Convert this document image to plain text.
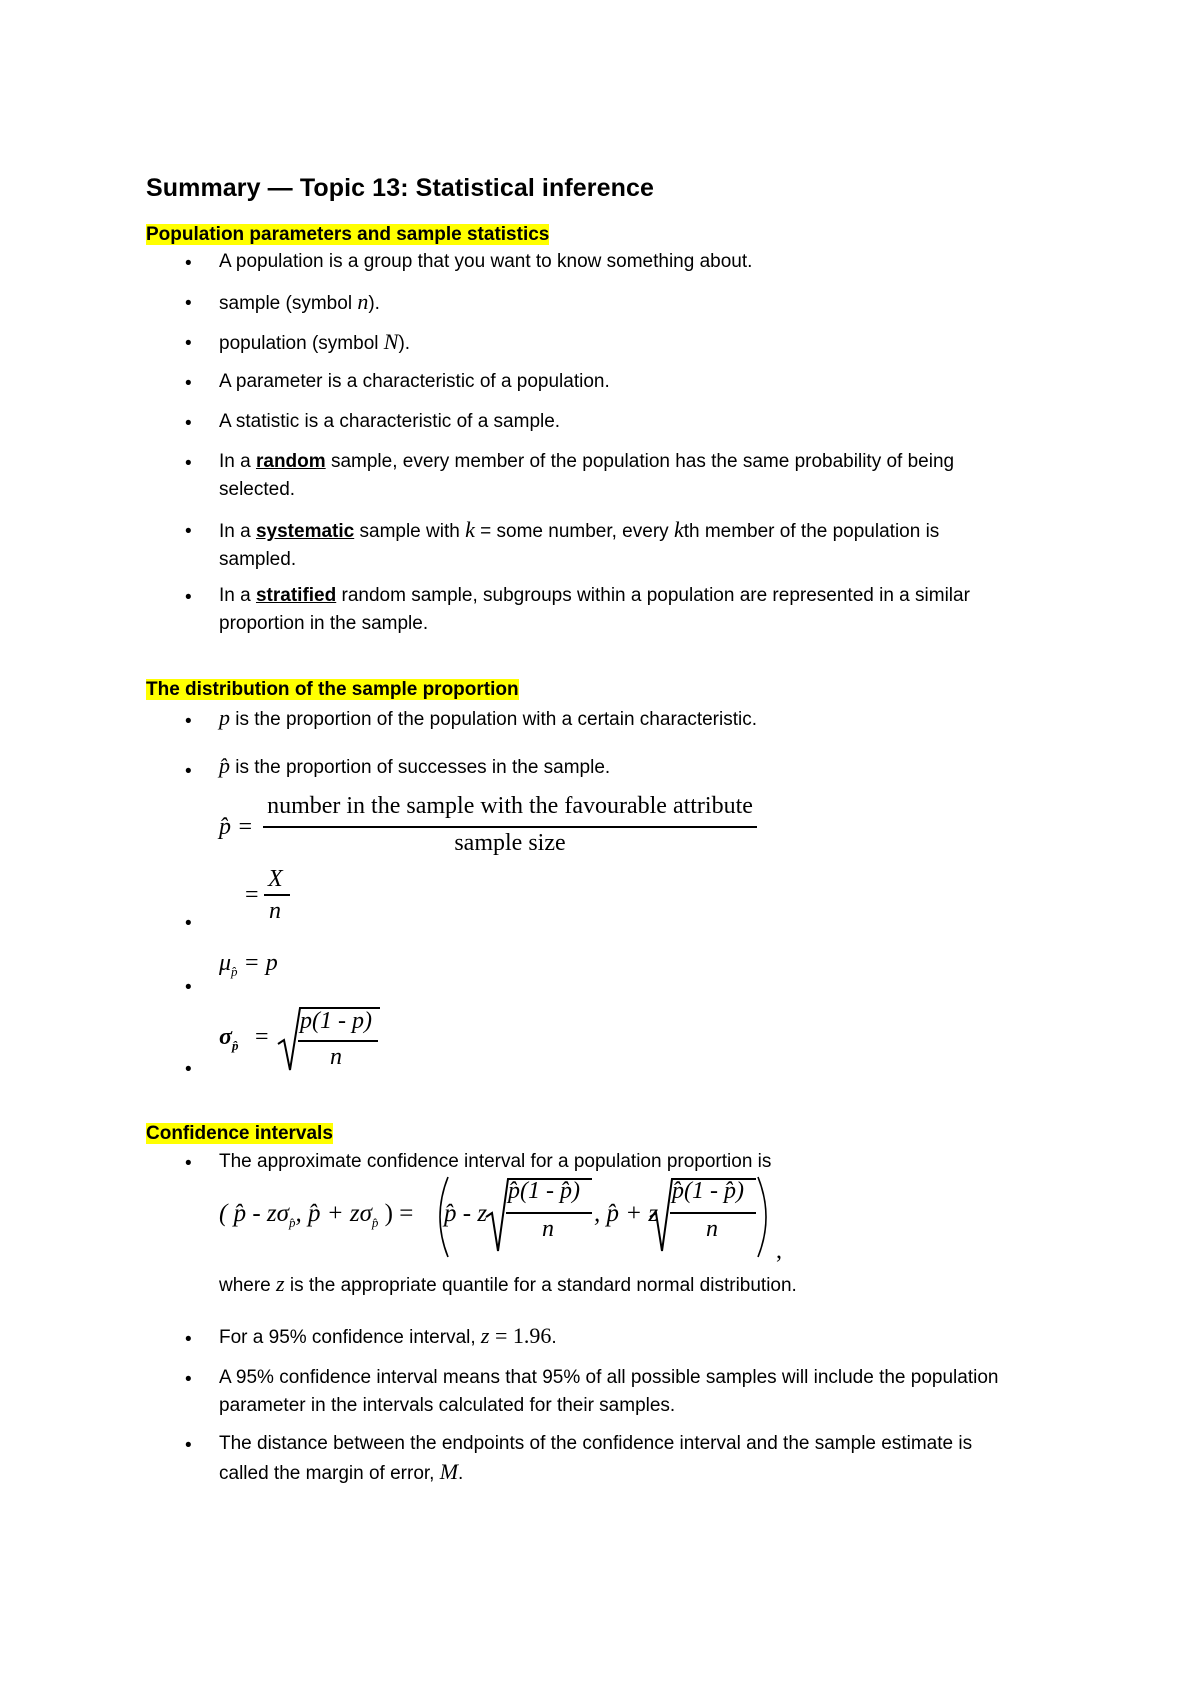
Summary — Topic 13: Statistical inference
Population parameters and sample statistics
• A population is a group that you want to know something about.
• sample (symbol n).
• population (symbol N).
• A parameter is a characteristic of a population.
• A statistic is a characteristic of a sample.
• In a random sample, every member of the population has the same probability of being
selected.
• In a systematic sample with k = some number, every kth member of the population is
sampled.
• In a stratified random sample, subgroups within a population are represented in a similar
proportion in the sample.
The distribution of the sample proportion
• p is the proportion of the population with a certain characteristic.
• p̂ is the proportion of successes in the sample.
p̂ =
number in the sample with the favourable attribute
sample size
•
=
X
n
•
$\mu_{p̂} = p$
•
$\sigma_{p̂}$ =
p(1 - p)
n
Confidence intervals
• The approximate confidence interval for a population proportion is
( p̂ - $z\sigma_{p̂}$, p̂ + $z\sigma_{p̂}$ ) = p̂ - z
p̂(1 - p̂)
n
, p̂ + z
p̂(1 - p̂)
n
,
where z is the appropriate quantile for a standard normal distribution.
• For a 95% confidence interval, z = 1.96.
• A 95% confidence interval means that 95% of all possible samples will include the population
parameter in the intervals calculated for their samples.
• The distance between the endpoints of the confidence interval and the sample estimate is
called the margin of error, M.
